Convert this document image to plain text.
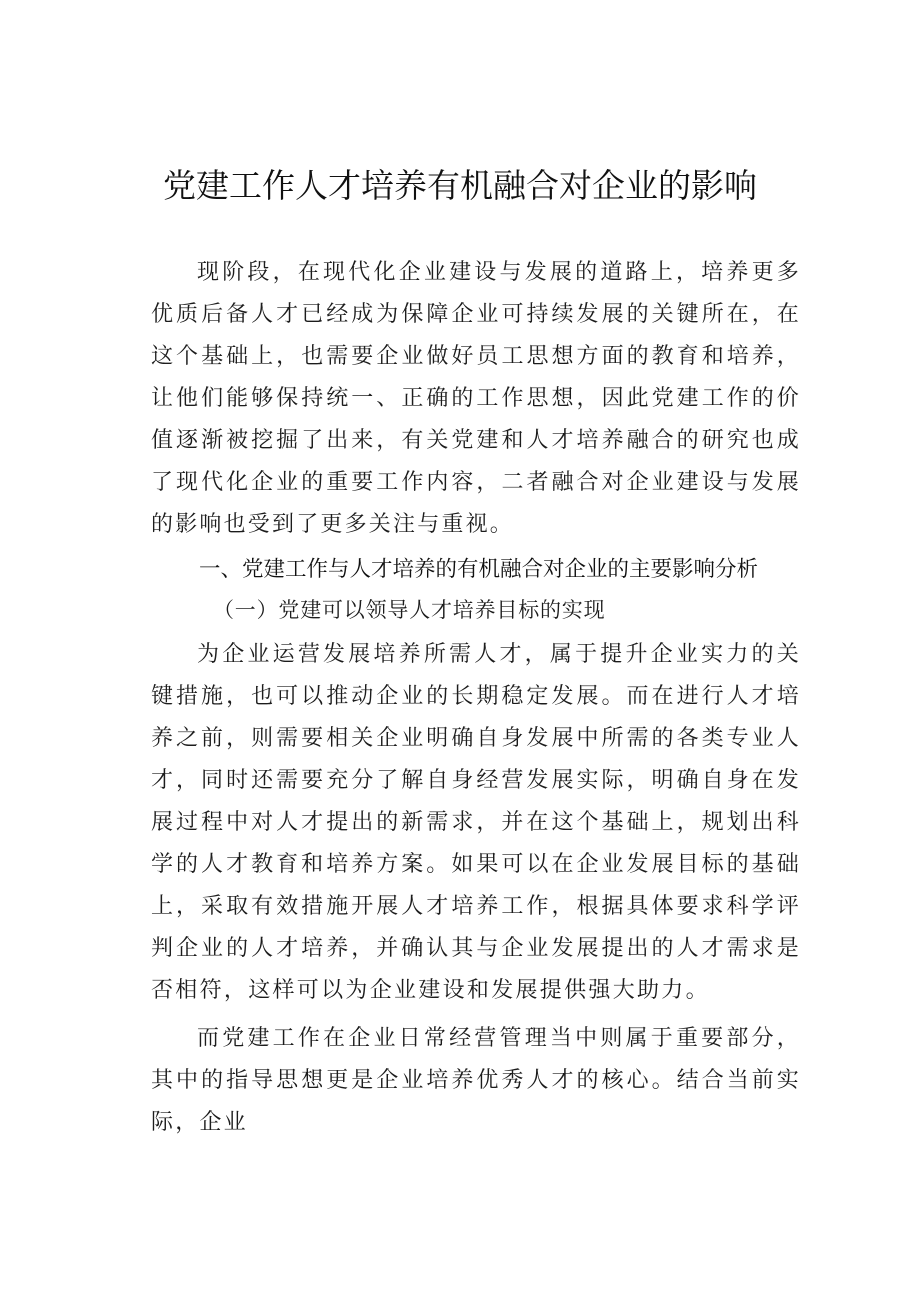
党建工作人才培养有机融合对企业的影响

现阶段，在现代化企业建设与发展的道路上，培养更多优质后备人才已经成为保障企业可持续发展的关键所在，在这个基础上，也需要企业做好员工思想方面的教育和培养，让他们能够保持统一、正确的工作思想，因此党建工作的价值逐渐被挖掘了出来，有关党建和人才培养融合的研究也成了现代化企业的重要工作内容，二者融合对企业建设与发展的影响也受到了更多关注与重视。

一、党建工作与人才培养的有机融合对企业的主要影响分析
（一）党建可以领导人才培养目标的实现

为企业运营发展培养所需人才，属于提升企业实力的关键措施，也可以推动企业的长期稳定发展。而在进行人才培养之前，则需要相关企业明确自身发展中所需的各类专业人才，同时还需要充分了解自身经营发展实际，明确自身在发展过程中对人才提出的新需求，并在这个基础上，规划出科学的人才教育和培养方案。如果可以在企业发展目标的基础上，采取有效措施开展人才培养工作，根据具体要求科学评判企业的人才培养，并确认其与企业发展提出的人才需求是否相符，这样可以为企业建设和发展提供强大助力。

而党建工作在企业日常经营管理当中则属于重要部分，其中的指导思想更是企业培养优秀人才的核心。结合当前实际，企业
